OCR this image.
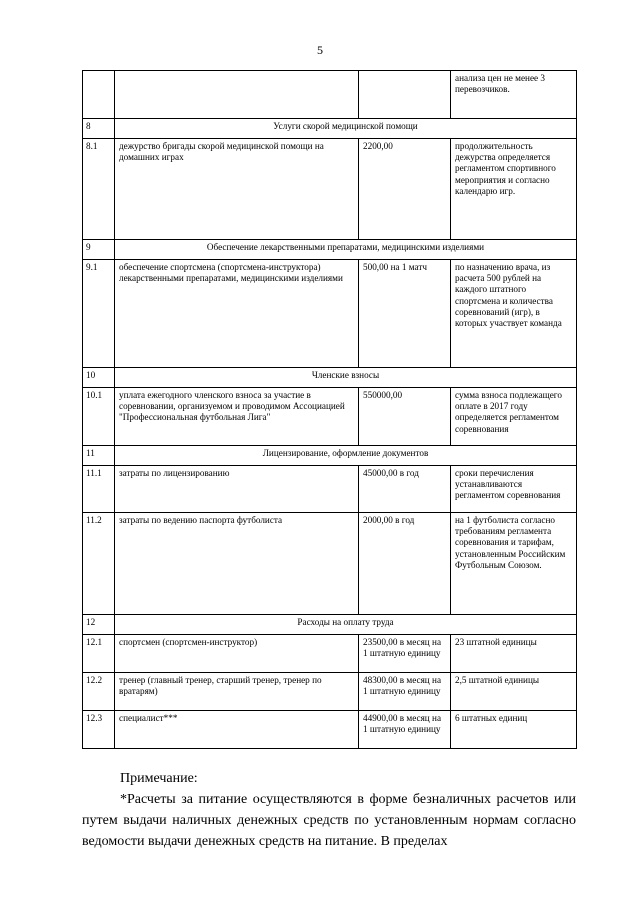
5
			анализа цен не менее 3 перевозчиков.
8	Услуги скорой медицинской помощи		
8.1	дежурство бригады скорой медицинской помощи на домашних играх	2200,00	продолжительность дежурства определяется регламентом спортивного мероприятия и согласно календарю игр.
9	Обеспечение лекарственными препаратами, медицинскими изделиями		
9.1	обеспечение спортсмена (спортсмена-инструктора) лекарственными препаратами, медицинскими изделиями	500,00 на 1 матч	по назначению врача, из расчета 500 рублей на каждого штатного спортсмена и количества соревнований (игр), в которых участвует команда
10	Членские взносы		
10.1	уплата ежегодного членского взноса за участие в соревновании, организуемом и проводимом Ассоциацией "Профессиональная футбольная Лига"	550000,00	сумма взноса подлежащего оплате в 2017 году определяется регламентом соревнования
11	Лицензирование, оформление документов		
11.1	затраты по лицензированию	45000,00 в год	сроки перечисления устанавливаются регламентом соревнования
11.2	затраты по ведению паспорта футболиста	2000,00 в год	на 1 футболиста согласно требованиям регламента соревнования и тарифам, установленным Российским Футбольным Союзом.
12	Расходы на оплату труда		
12.1	спортсмен (спортсмен-инструктор)	23500,00 в месяц на 1 штатную единицу	23 штатной единицы
12.2	тренер (главный тренер, старший тренер, тренер по вратарям)	48300,00 в месяц на 1 штатную единицу	2,5 штатной единицы
12.3	специалист***	44900,00 в месяц на 1 штатную единицу	6 штатных единиц
Примечание:
*Расчеты за питание осуществляются в форме безналичных расчетов или путем выдачи наличных денежных средств по установленным нормам согласно ведомости выдачи денежных средств на питание. В пределах
